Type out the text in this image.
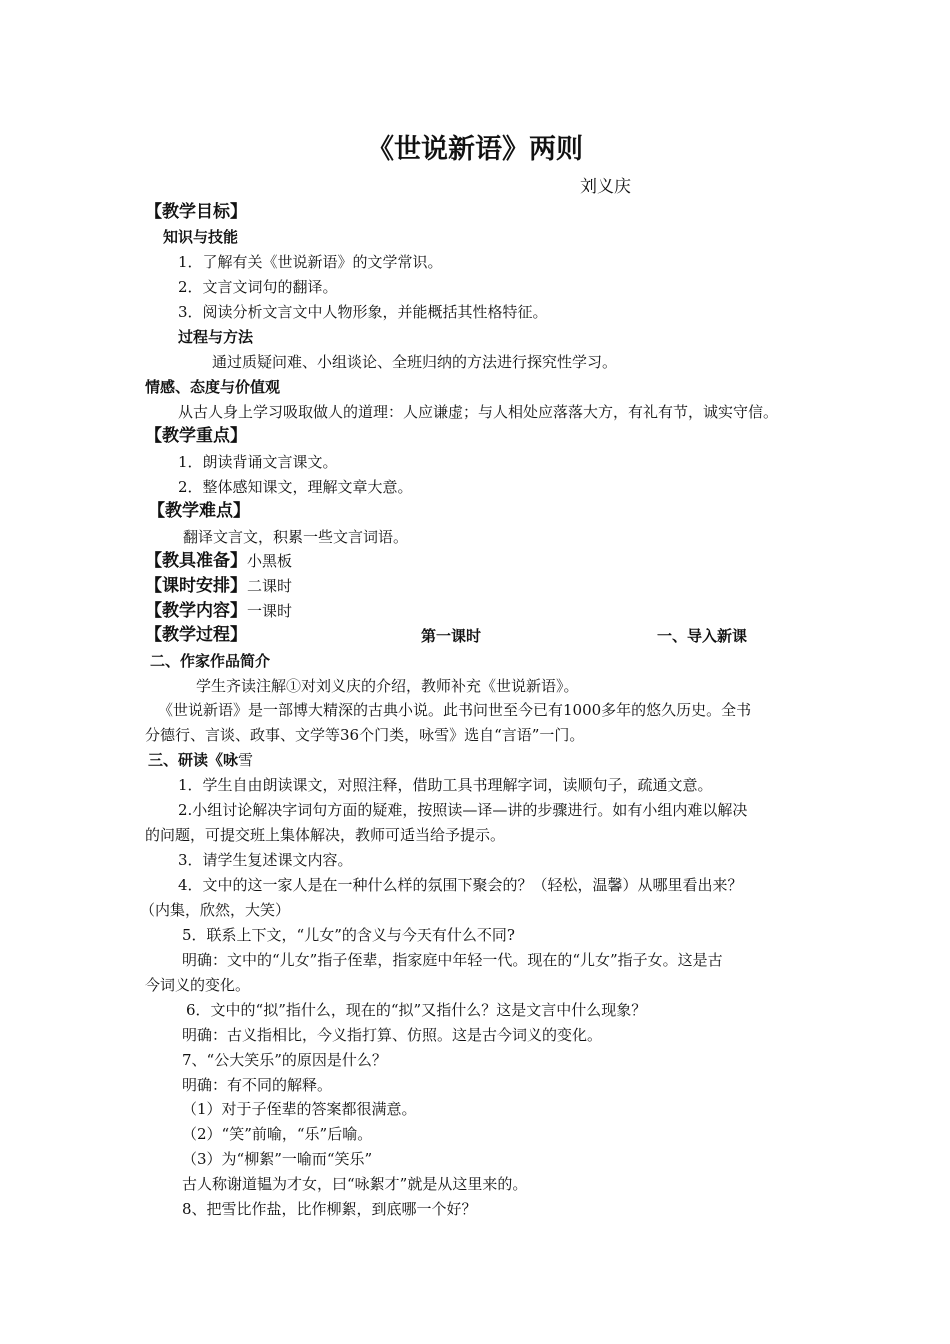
《世说新语》两则
刘义庆
【教学目标】
知识与技能
1．了解有关《世说新语》的文学常识。
2．文言文词句的翻译。
3．阅读分析文言文中人物形象，并能概括其性格特征。
过程与方法
通过质疑问难、小组谈论、全班归纳的方法进行探究性学习。
情感、态度与价值观
从古人身上学习吸取做人的道理：人应谦虚；与人相处应落落大方，有礼有节，诚实守信。
【教学重点】
1．朗读背诵文言课文。
2．整体感知课文，理解文章大意。
【教学难点】
翻译文言文，积累一些文言词语。
【教具准备】小黑板
【课时安排】二课时
【教学内容】一课时
【教学过程】	第一课时	一、导入新课
二、作家作品简介
学生齐读注解①对刘义庆的介绍，教师补充《世说新语》。
《世说新语》是一部博大精深的古典小说。此书问世至今已有1000多年的悠久历史。全书
分德行、言谈、政事、文学等36个门类，咏雪》选自“言语”一门。
三、研读《咏雪
1．学生自由朗读课文，对照注释，借助工具书理解字词，读顺句子，疏通文意。
2.小组讨论解决字词句方面的疑难，按照读—译—讲的步骤进行。如有小组内难以解决
的问题，可提交班上集体解决，教师可适当给予提示。
3．请学生复述课文内容。
4．文中的这一家人是在一种什么样的氛围下聚会的？（轻松，温馨）从哪里看出来？
（内集，欣然，大笑）
5．联系上下文，“儿女”的含义与今天有什么不同?
明确：文中的“儿女”指子侄辈，指家庭中年轻一代。现在的“儿女”指子女。这是古
今词义的变化。
6．文中的“拟”指什么，现在的“拟”又指什么？这是文言中什么现象？
明确：古义指相比，今义指打算、仿照。这是古今词义的变化。
7、“公大笑乐”的原因是什么？
明确：有不同的解释。
（1）对于子侄辈的答案都很满意。
（2）“笑”前喻，“乐”后喻。
（3）为“柳絮”一喻而“笑乐”
古人称谢道韫为才女，曰“咏絮才”就是从这里来的。
8、把雪比作盐，比作柳絮，到底哪一个好？
